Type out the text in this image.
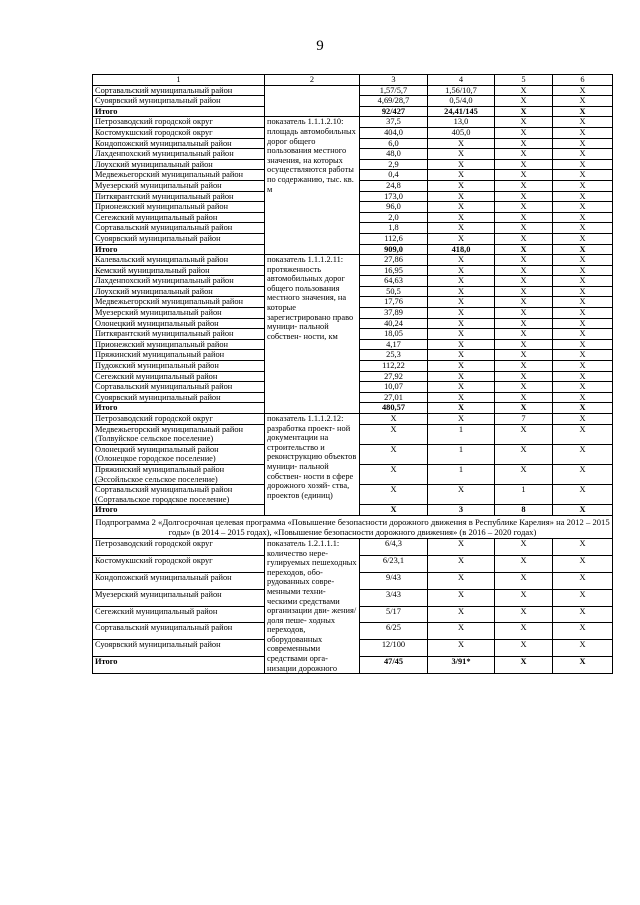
9
1	2	3	4	5	6
Сортавальский муниципальный район		1,57/5,7	1,56/10,7	Х	Х
Суоярвский муниципальный район		4,69/28,7	0,5/4,0	Х	Х
Итого		92/427	24,41/145	Х	Х
Петрозаводский городской округ	показатель 1.1.1.2.10: площадь автомобильных дорог общего пользования местного значения, на которых осуществляются работы по содержанию, тыс. кв. м	37,5	13,0	Х	Х
Костомукшский городской округ		404,0	405,0	Х	Х
Кондопожский муниципальный район		6,0	Х	Х	Х
Лахденпохский муниципальный район		48,0	Х	Х	Х
Лоухский муниципальный район		2,9	Х	Х	Х
Медвежьегорский муниципальный район		0,4	Х	Х	Х
Муезерский муниципальный район		24,8	Х	Х	Х
Питкярантский муниципальный район		173,0	Х	Х	Х
Прионежский муниципальный район		96,0	Х	Х	Х
Сегежский муниципальный район		2,0	Х	Х	Х
Сортавальский муниципальный район		1,8	Х	Х	Х
Суоярвский муниципальный район		112,6	Х	Х	Х
Итого		909,0	418,0	Х	Х
Калевальский муниципальный район	показатель 1.1.1.2.11: протяженность автомобильных дорог общего пользования местного значения, на которые зарегистрировано право муници- пальной собствен- ности, км	27,86	Х	Х	Х
Кемский муниципальный район		16,95	Х	Х	Х
Лахденпохский муниципальный район		64,63	Х	Х	Х
Лоухский муниципальный район		50,5	Х	Х	Х
Медвежьегорский муниципальный район		17,76	Х	Х	Х
Муезерский муниципальный район		37,89	Х	Х	Х
Олонецкий муниципальный район		40,24	Х	Х	Х
Питкярантский муниципальный район		18,05	Х	Х	Х
Прионежский муниципальный район		4,17	Х	Х	Х
Пряжинский муниципальный район		25,3	Х	Х	Х
Пудожский муниципальный район		112,22	Х	Х	Х
Сегежский муниципальный район		27,92	Х	Х	Х
Сортавальский муниципальный район		10,07	Х	Х	Х
Суоярвский муниципальный район		27,01	Х	Х	Х
Итого		480,57	Х	Х	Х
Петрозаводский городской округ	показатель 1.1.1.2.12: разработка проект- ной документации на строительство и реконструкцию объектов муници- пальной собствен- ности в сфере дорожного хозяй- ства, проектов (единиц)	Х	Х	7	Х
Медвежьегорский муниципальный район (Толвуйское сельское поселение)		Х	1	Х	Х
Олонецкий муниципальный район (Олонецкое городское поселение)		Х	1	Х	Х
Пряжинский муниципальный район (Эссойльское сельское поселение)		Х	1	Х	Х
Сортавальский муниципальный район (Сортавальское городское поселение)		Х	Х	1	Х
Итого		Х	3	8	Х
Подпрограмма 2 «Долгосрочная целевая программа «Повышение безопасности дорожного движения в Республике Карелия» на 2012 – 2015 годы» (в 2014 – 2015 годах), «Повышение безопасности дорожного движения» (в 2016 – 2020 годах)					
Петрозаводский городской округ	показатель 1.2.1.1.1: количество нере- гулируемых пешеходных переходов, обо- рудованных совре- менными техни- ческими средствами организации дви- жения/доля пеше- ходных переходов, оборудованных современными средствами орга- низации дорожного	6/4,3	Х	Х	Х
Костомукшский городской округ		6/23,1	Х	Х	Х
Кондопожский муниципальный район		9/43	Х	Х	Х
Муезерский муниципальный район		3/43	Х	Х	Х
Сегежский муниципальный район		5/17	Х	Х	Х
Сортавальский муниципальный район		6/25	Х	Х	Х
Суоярвский муниципальный район		12/100	Х	Х	Х
Итого		47/45	3/91*	Х	Х
